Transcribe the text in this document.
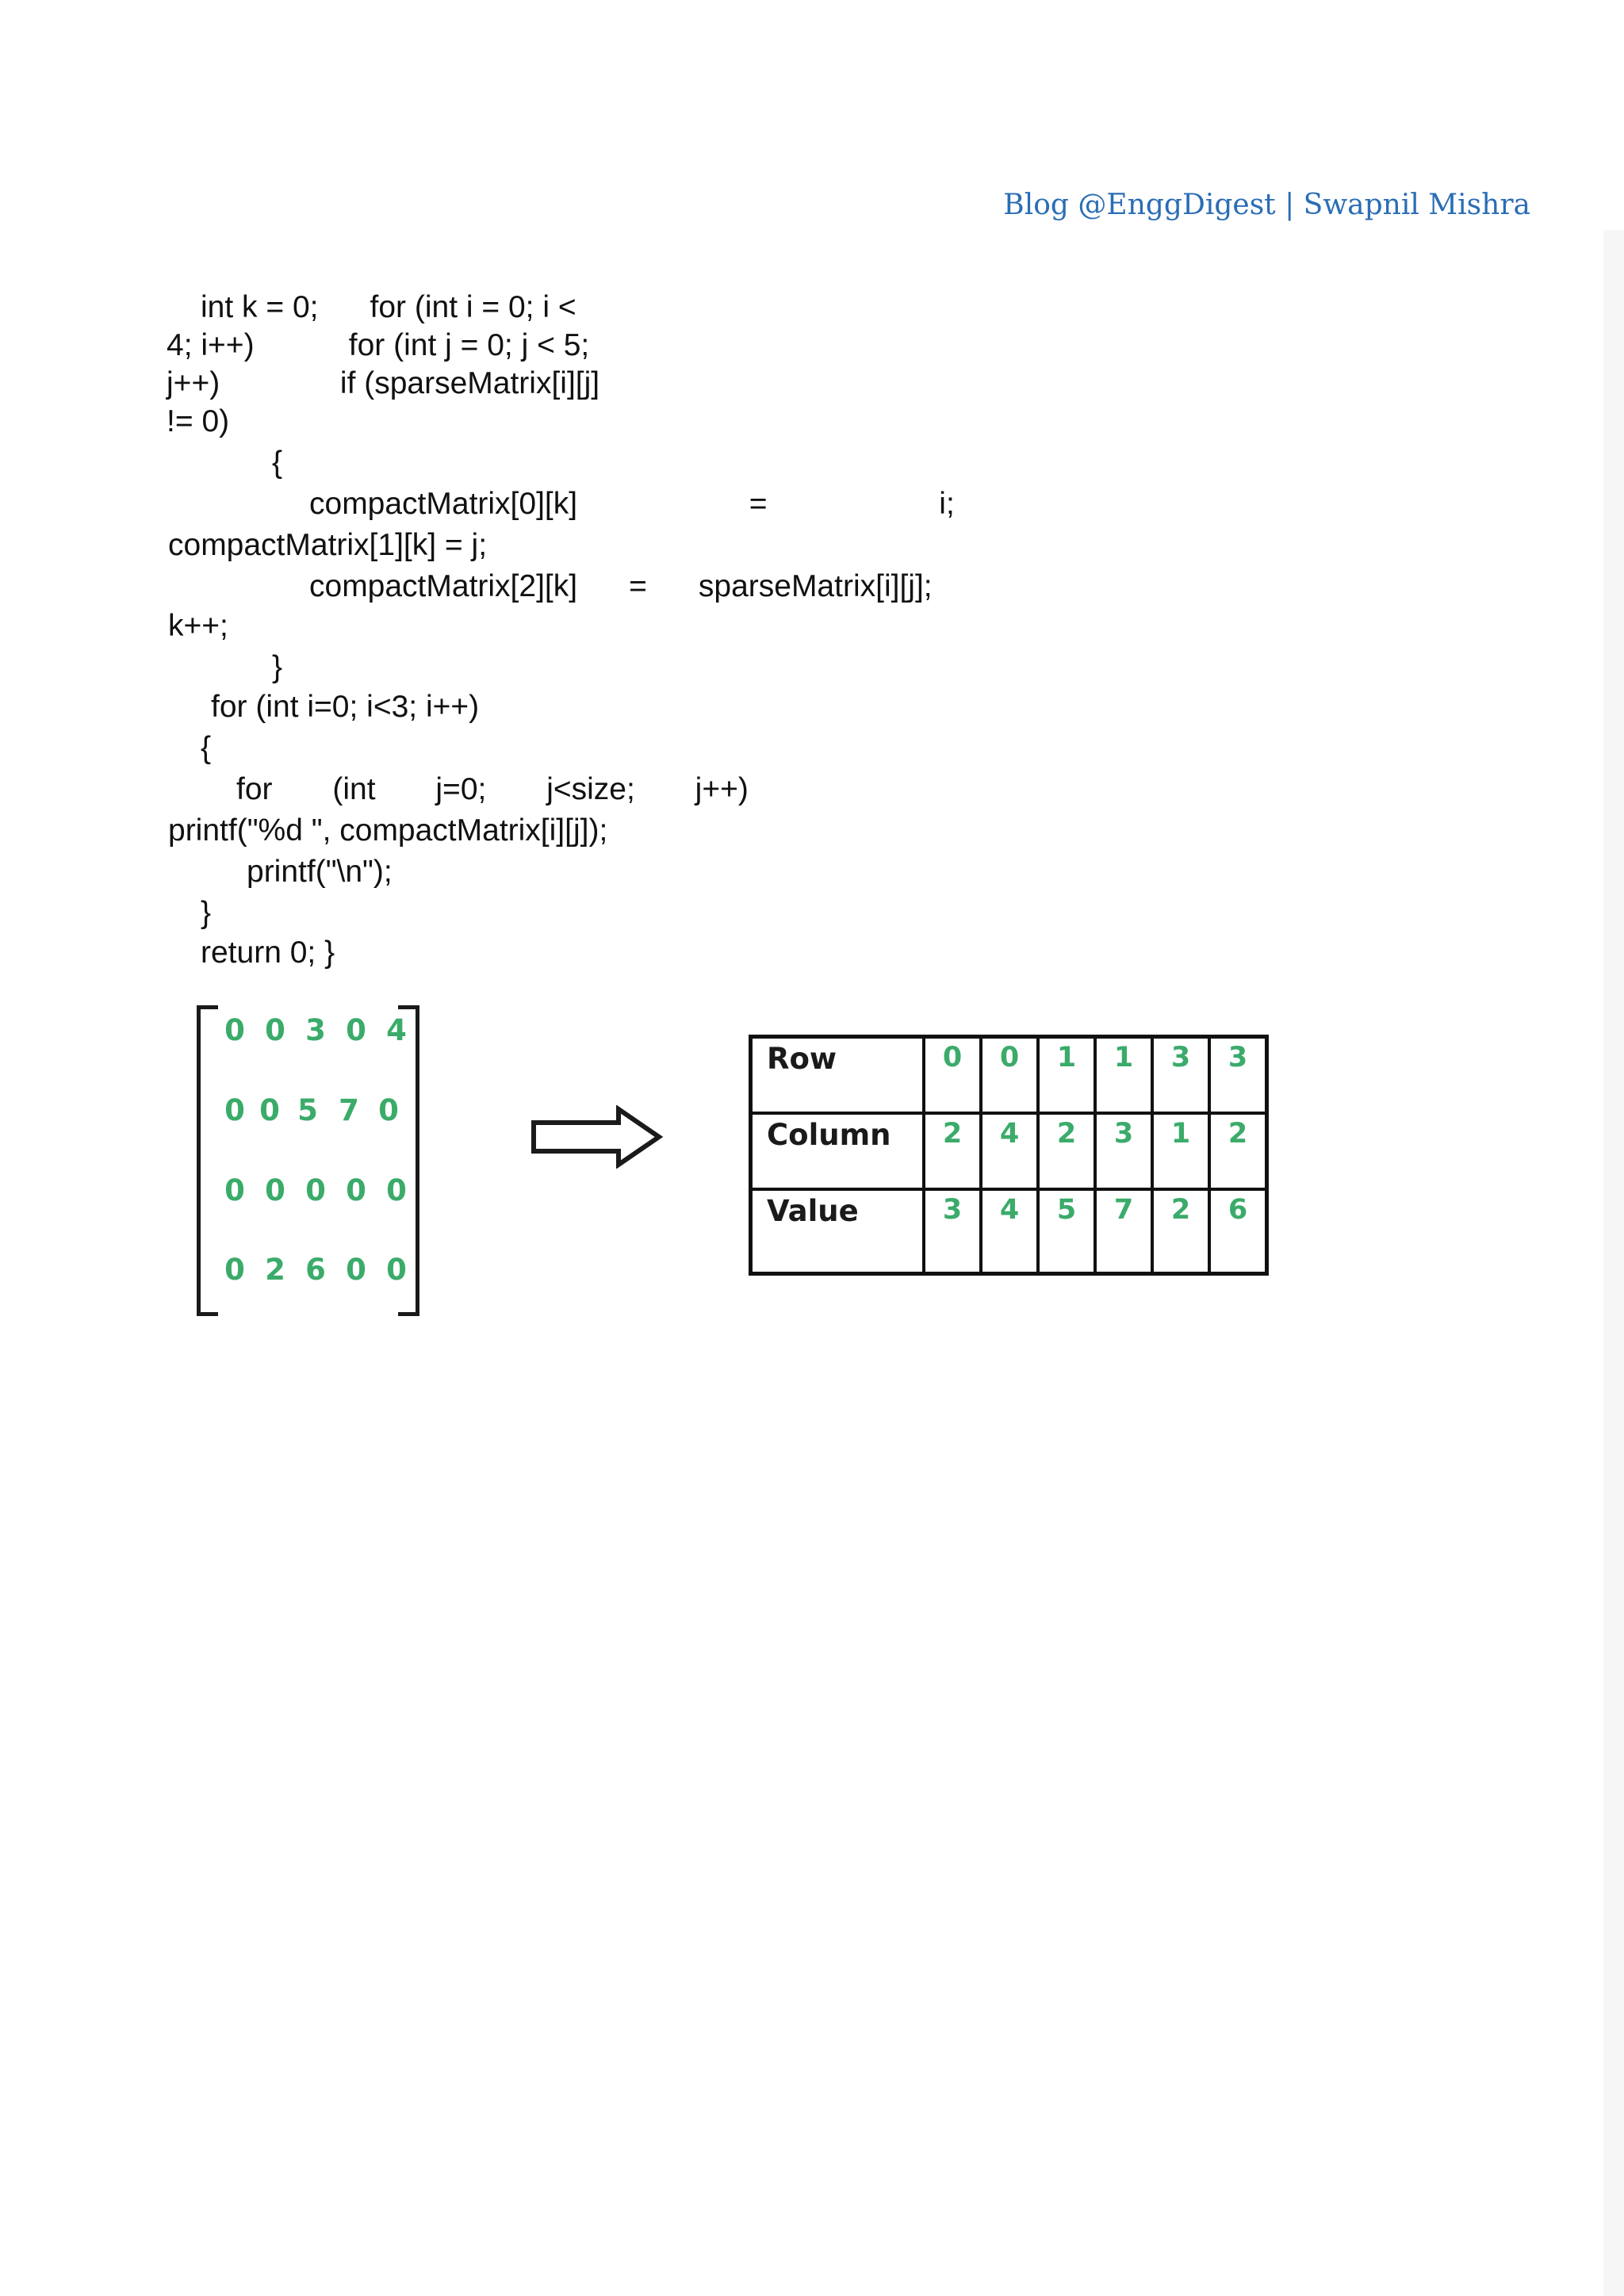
Blog @EnggDigest | Swapnil Mishra
int k = 0;      for (int i = 0; i <
4; i++)           for (int j = 0; j < 5;
j++)              if (sparseMatrix[i][j]
!= 0)
{
compactMatrix[0][k]                    =                    i;
compactMatrix[1][k] = j;
compactMatrix[2][k]      =      sparseMatrix[i][j];
k++;
}
for (int i=0; i<3; i++)
{
for       (int       j=0;       j<size;       j++)
printf("%d ", compactMatrix[i][j]);
printf("\n");
}
return 0; }
0 0 3 0 4
0 0 5 7 0
0 0 0 0 0
0 2 6 0 0
Row	0	0	1	1	3	3
Column	2	4	2	3	1	2
Value	3	4	5	7	2	6
